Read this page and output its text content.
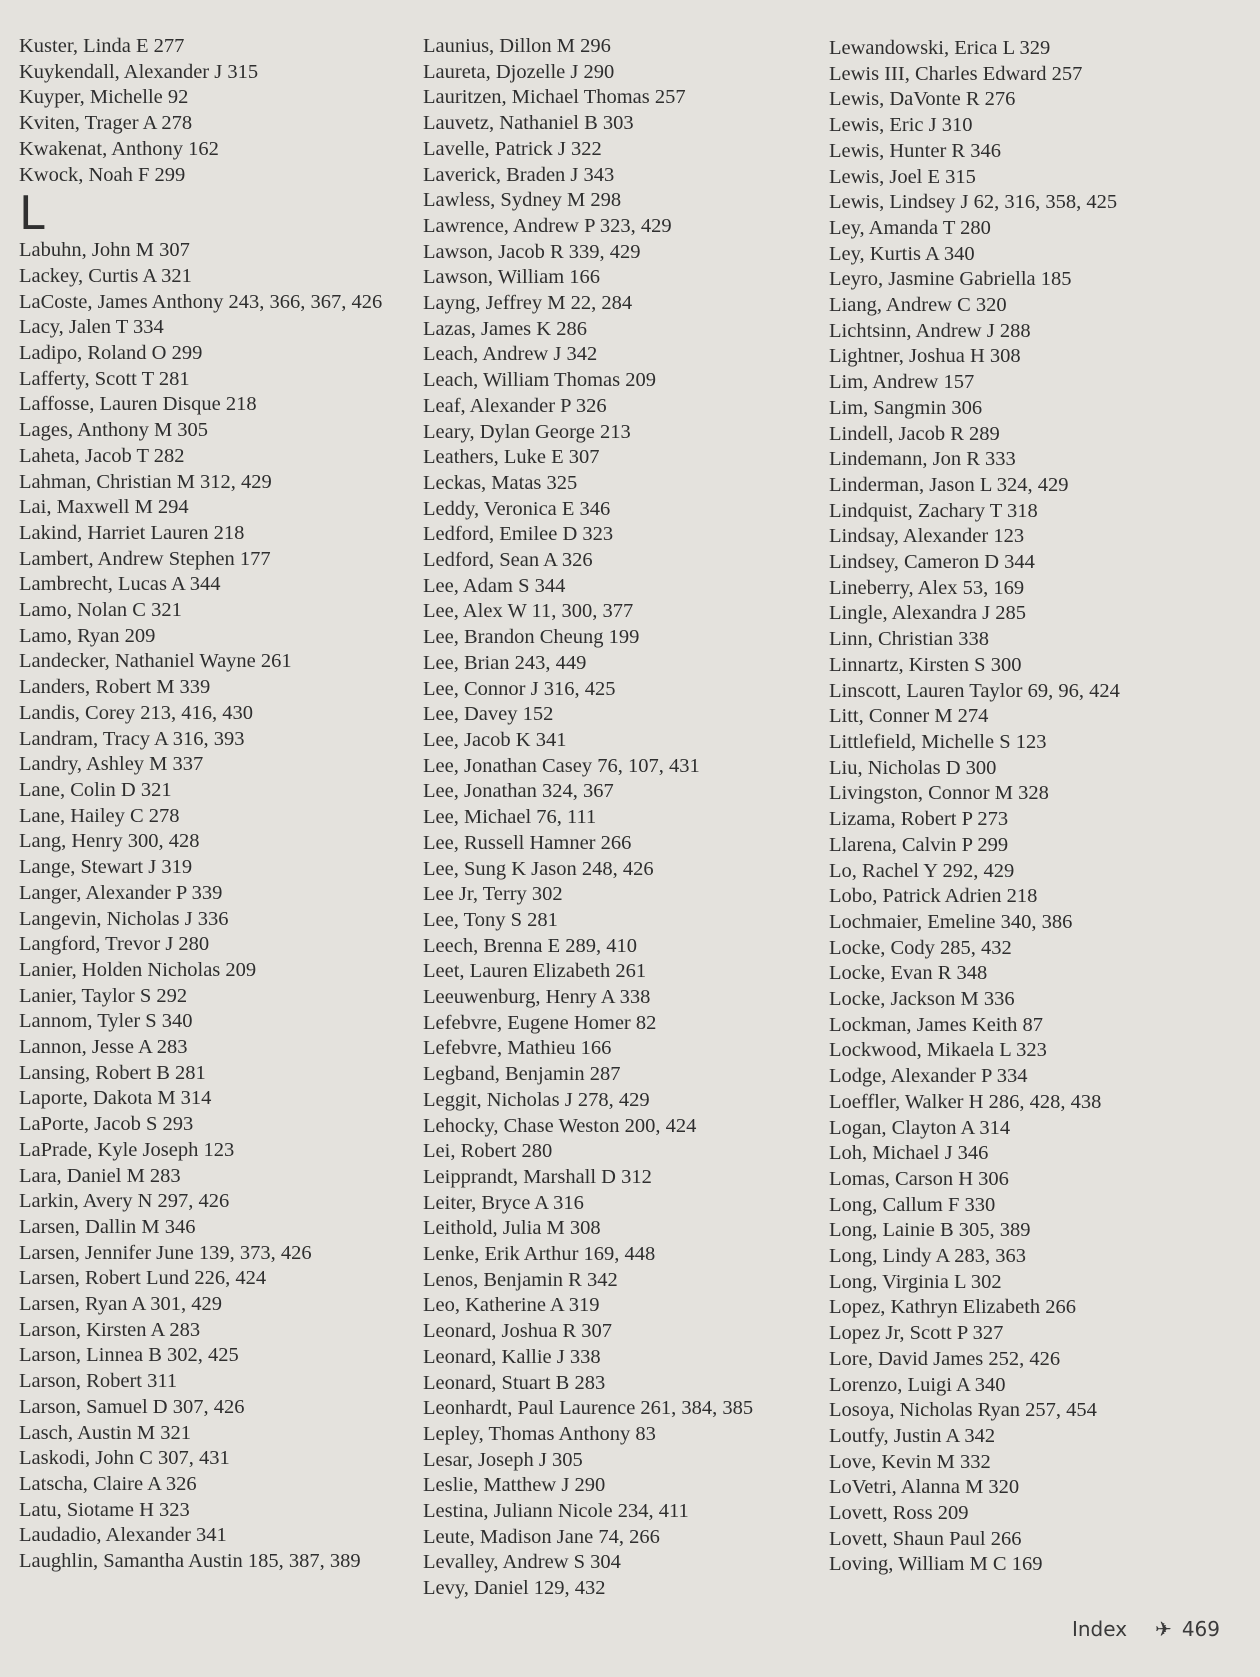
Kuster, Linda E 277
Kuykendall, Alexander J 315
Kuyper, Michelle 92
Kviten, Trager A 278
Kwakenat, Anthony 162
Kwock, Noah F 299
L
Labuhn, John M 307
Lackey, Curtis A 321
LaCoste, James Anthony 243, 366, 367, 426
Lacy, Jalen T 334
Ladipo, Roland O 299
Lafferty, Scott T 281
Laffosse, Lauren Disque 218
Lages, Anthony M 305
Laheta, Jacob T 282
Lahman, Christian M 312, 429
Lai, Maxwell M 294
Lakind, Harriet Lauren 218
Lambert, Andrew Stephen 177
Lambrecht, Lucas A 344
Lamo, Nolan C 321
Lamo, Ryan 209
Landecker, Nathaniel Wayne 261
Landers, Robert M 339
Landis, Corey 213, 416, 430
Landram, Tracy A 316, 393
Landry, Ashley M 337
Lane, Colin D 321
Lane, Hailey C 278
Lang, Henry 300, 428
Lange, Stewart J 319
Langer, Alexander P 339
Langevin, Nicholas J 336
Langford, Trevor J 280
Lanier, Holden Nicholas 209
Lanier, Taylor S 292
Lannom, Tyler S 340
Lannon, Jesse A 283
Lansing, Robert B 281
Laporte, Dakota M 314
LaPorte, Jacob S 293
LaPrade, Kyle Joseph 123
Lara, Daniel M 283
Larkin, Avery N 297, 426
Larsen, Dallin M 346
Larsen, Jennifer June 139, 373, 426
Larsen, Robert Lund 226, 424
Larsen, Ryan A 301, 429
Larson, Kirsten A 283
Larson, Linnea B 302, 425
Larson, Robert 311
Larson, Samuel D 307, 426
Lasch, Austin M 321
Laskodi, John C 307, 431
Latscha, Claire A 326
Latu, Siotame H 323
Laudadio, Alexander 341
Laughlin, Samantha Austin 185, 387, 389
Launius, Dillon M 296
Laureta, Djozelle J 290
Lauritzen, Michael Thomas 257
Lauvetz, Nathaniel B 303
Lavelle, Patrick J 322
Laverick, Braden J 343
Lawless, Sydney M 298
Lawrence, Andrew P 323, 429
Lawson, Jacob R 339, 429
Lawson, William 166
Layng, Jeffrey M 22, 284
Lazas, James K 286
Leach, Andrew J 342
Leach, William Thomas 209
Leaf, Alexander P 326
Leary, Dylan George 213
Leathers, Luke E 307
Leckas, Matas 325
Leddy, Veronica E 346
Ledford, Emilee D 323
Ledford, Sean A 326
Lee, Adam S 344
Lee, Alex W 11, 300, 377
Lee, Brandon Cheung 199
Lee, Brian 243, 449
Lee, Connor J 316, 425
Lee, Davey 152
Lee, Jacob K 341
Lee, Jonathan Casey 76, 107, 431
Lee, Jonathan 324, 367
Lee, Michael 76, 111
Lee, Russell Hamner 266
Lee, Sung K Jason 248, 426
Lee Jr, Terry 302
Lee, Tony S 281
Leech, Brenna E 289, 410
Leet, Lauren Elizabeth 261
Leeuwenburg, Henry A 338
Lefebvre, Eugene Homer 82
Lefebvre, Mathieu 166
Legband, Benjamin 287
Leggit, Nicholas J 278, 429
Lehocky, Chase Weston 200, 424
Lei, Robert 280
Leipprandt, Marshall D 312
Leiter, Bryce A 316
Leithold, Julia M 308
Lenke, Erik Arthur 169, 448
Lenos, Benjamin R 342
Leo, Katherine A 319
Leonard, Joshua R 307
Leonard, Kallie J 338
Leonard, Stuart B 283
Leonhardt, Paul Laurence 261, 384, 385
Lepley, Thomas Anthony 83
Lesar, Joseph J 305
Leslie, Matthew J 290
Lestina, Juliann Nicole 234, 411
Leute, Madison Jane 74, 266
Levalley, Andrew S 304
Levy, Daniel 129, 432
Lewandowski, Erica L 329
Lewis III, Charles Edward 257
Lewis, DaVonte R 276
Lewis, Eric J 310
Lewis, Hunter R 346
Lewis, Joel E 315
Lewis, Lindsey J 62, 316, 358, 425
Ley, Amanda T 280
Ley, Kurtis A 340
Leyro, Jasmine Gabriella 185
Liang, Andrew C 320
Lichtsinn, Andrew J 288
Lightner, Joshua H 308
Lim, Andrew 157
Lim, Sangmin 306
Lindell, Jacob R 289
Lindemann, Jon R 333
Linderman, Jason L 324, 429
Lindquist, Zachary T 318
Lindsay, Alexander 123
Lindsey, Cameron D 344
Lineberry, Alex 53, 169
Lingle, Alexandra J 285
Linn, Christian 338
Linnartz, Kirsten S 300
Linscott, Lauren Taylor 69, 96, 424
Litt, Conner M 274
Littlefield, Michelle S 123
Liu, Nicholas D 300
Livingston, Connor M 328
Lizama, Robert P 273
Llarena, Calvin P 299
Lo, Rachel Y 292, 429
Lobo, Patrick Adrien 218
Lochmaier, Emeline 340, 386
Locke, Cody 285, 432
Locke, Evan R 348
Locke, Jackson M 336
Lockman, James Keith 87
Lockwood, Mikaela L 323
Lodge, Alexander P 334
Loeffler, Walker H 286, 428, 438
Logan, Clayton A 314
Loh, Michael J 346
Lomas, Carson H 306
Long, Callum F 330
Long, Lainie B 305, 389
Long, Lindy A 283, 363
Long, Virginia L 302
Lopez, Kathryn Elizabeth 266
Lopez Jr, Scott P 327
Lore, David James 252, 426
Lorenzo, Luigi A 340
Losoya, Nicholas Ryan 257, 454
Loutfy, Justin A 342
Love, Kevin M 332
LoVetri, Alanna M 320
Lovett, Ross 209
Lovett, Shaun Paul 266
Loving, William M C 169
Index ✈ 469
